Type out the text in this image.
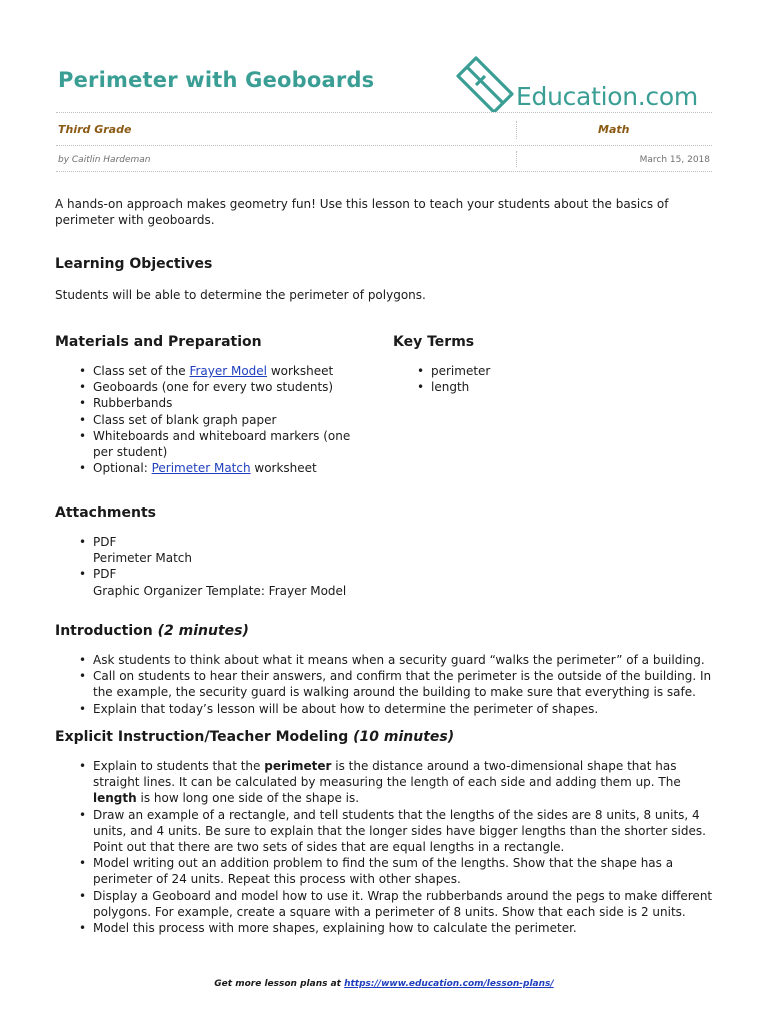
Perimeter with Geoboards
Education.com
Third Grade	Math
by Caitlin Hardeman	March 15, 2018
A hands-on approach makes geometry fun! Use this lesson to teach your students about the basics of perimeter with geoboards.
Learning Objectives
Students will be able to determine the perimeter of polygons.
Materials and Preparation
• Class set of the Frayer Model worksheet
• Geoboards (one for every two students)
• Rubberbands
• Class set of blank graph paper
• Whiteboards and whiteboard markers (one per student)
• Optional: Perimeter Match worksheet
Key Terms
• perimeter
• length
Attachments
• PDF
Perimeter Match
• PDF
Graphic Organizer Template: Frayer Model
Introduction (2 minutes)
• Ask students to think about what it means when a security guard “walks the perimeter” of a building.
• Call on students to hear their answers, and confirm that the perimeter is the outside of the building. In the example, the security guard is walking around the building to make sure that everything is safe.
• Explain that today’s lesson will be about how to determine the perimeter of shapes.
Explicit Instruction/Teacher Modeling (10 minutes)
• Explain to students that the perimeter is the distance around a two-dimensional shape that has straight lines. It can be calculated by measuring the length of each side and adding them up. The length is how long one side of the shape is.
• Draw an example of a rectangle, and tell students that the lengths of the sides are 8 units, 8 units, 4 units, and 4 units. Be sure to explain that the longer sides have bigger lengths than the shorter sides. Point out that there are two sets of sides that are equal lengths in a rectangle.
• Model writing out an addition problem to find the sum of the lengths. Show that the shape has a perimeter of 24 units. Repeat this process with other shapes.
• Display a Geoboard and model how to use it. Wrap the rubberbands around the pegs to make different polygons. For example, create a square with a perimeter of 8 units. Show that each side is 2 units.
• Model this process with more shapes, explaining how to calculate the perimeter.
Get more lesson plans at https://www.education.com/lesson-plans/
